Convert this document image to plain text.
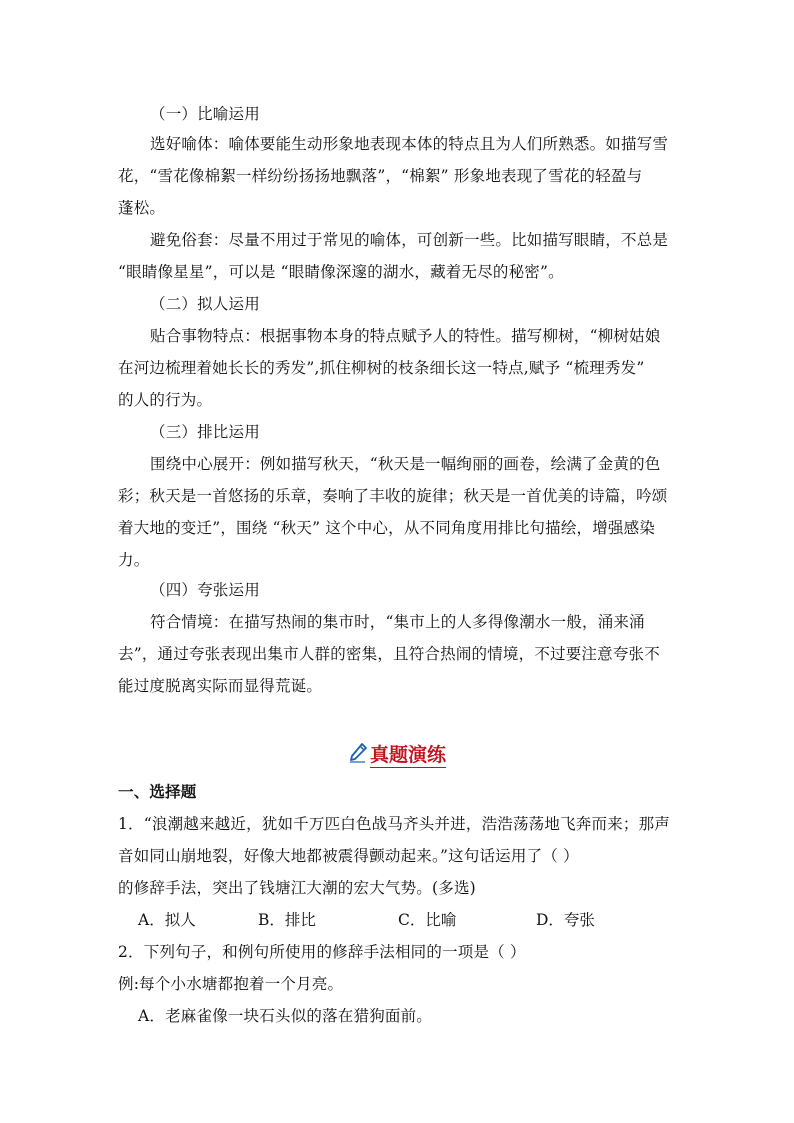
（一）比喻运用
选好喻体：喻体要能生动形象地表现本体的特点且为人们所熟悉。如描写雪
花，“雪花像棉絮一样纷纷扬扬地飘落”，“棉絮” 形象地表现了雪花的轻盈与
蓬松。
避免俗套：尽量不用过于常见的喻体，可创新一些。比如描写眼睛，不总是
“眼睛像星星”，可以是 “眼睛像深邃的湖水，藏着无尽的秘密”。
（二）拟人运用
贴合事物特点：根据事物本身的特点赋予人的特性。描写柳树，“柳树姑娘
在河边梳理着她长长的秀发”,抓住柳树的枝条细长这一特点,赋予 “梳理秀发”
的人的行为。
（三）排比运用
围绕中心展开：例如描写秋天，“秋天是一幅绚丽的画卷，绘满了金黄的色
彩；秋天是一首悠扬的乐章，奏响了丰收的旋律；秋天是一首优美的诗篇，吟颂
着大地的变迁”，围绕 “秋天” 这个中心，从不同角度用排比句描绘，增强感染
力。
（四）夸张运用
符合情境：在描写热闹的集市时，“集市上的人多得像潮水一般，涌来涌
去”，通过夸张表现出集市人群的密集，且符合热闹的情境，不过要注意夸张不
能过度脱离实际而显得荒诞。
真题演练
一、选择题
1．“浪潮越来越近，犹如千万匹白色战马齐头并进，浩浩荡荡地飞奔而来；那声
音如同山崩地裂，好像大地都被震得颤动起来。”这句话运用了（ ）
的修辞手法，突出了钱塘江大潮的宏大气势。(多选)
A．拟人	B．排比	C．比喻	D．夸张
2．下列句子，和例句所使用的修辞手法相同的一项是（ ）
例:每个小水塘都抱着一个月亮。
A．老麻雀像一块石头似的落在猎狗面前。
